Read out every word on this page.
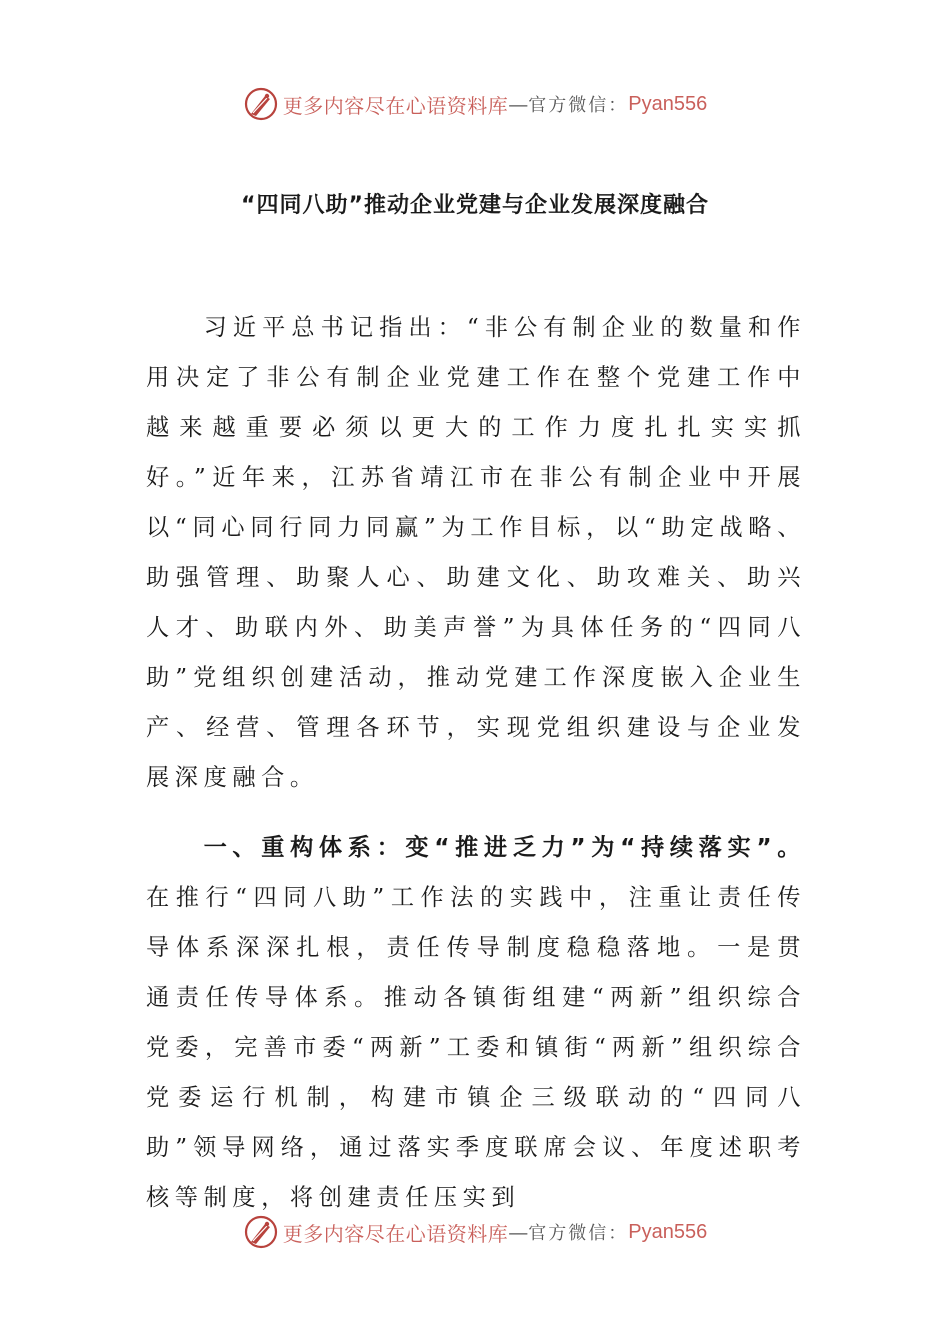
更多内容尽在心语资料库 — 官方微信： Pyan556
“四同八助”推动企业党建与企业发展深度融合

习近平总书记指出：“非公有制企业的数量和作用决定了非公有制企业党建工作在整个党建工作中越来越重要必须以更大的工作力度扎扎实实抓好。”近年来，江苏省靖江市在非公有制企业中开展以“同心同行同力同赢”为工作目标，以“助定战略、助强管理、助聚人心、助建文化、助攻难关、助兴人才、助联内外、助美声誉”为具体任务的“四同八助”党组织创建活动，推动党建工作深度嵌入企业生产、经营、管理各环节，实现党组织建设与企业发展深度融合。

一、重构体系：变“推进乏力”为“持续落实”。在推行“四同八助”工作法的实践中，注重让责任传导体系深深扎根，责任传导制度稳稳落地。一是贯通责任传导体系。推动各镇街组建“两新”组织综合党委，完善市委“两新”工委和镇街“两新”组织综合党委运行机制，构建市镇企三级联动的“四同八助”领导网络，通过落实季度联席会议、年度述职考核等制度，将创建责任压实到

更多内容尽在心语资料库 — 官方微信： Pyan556
